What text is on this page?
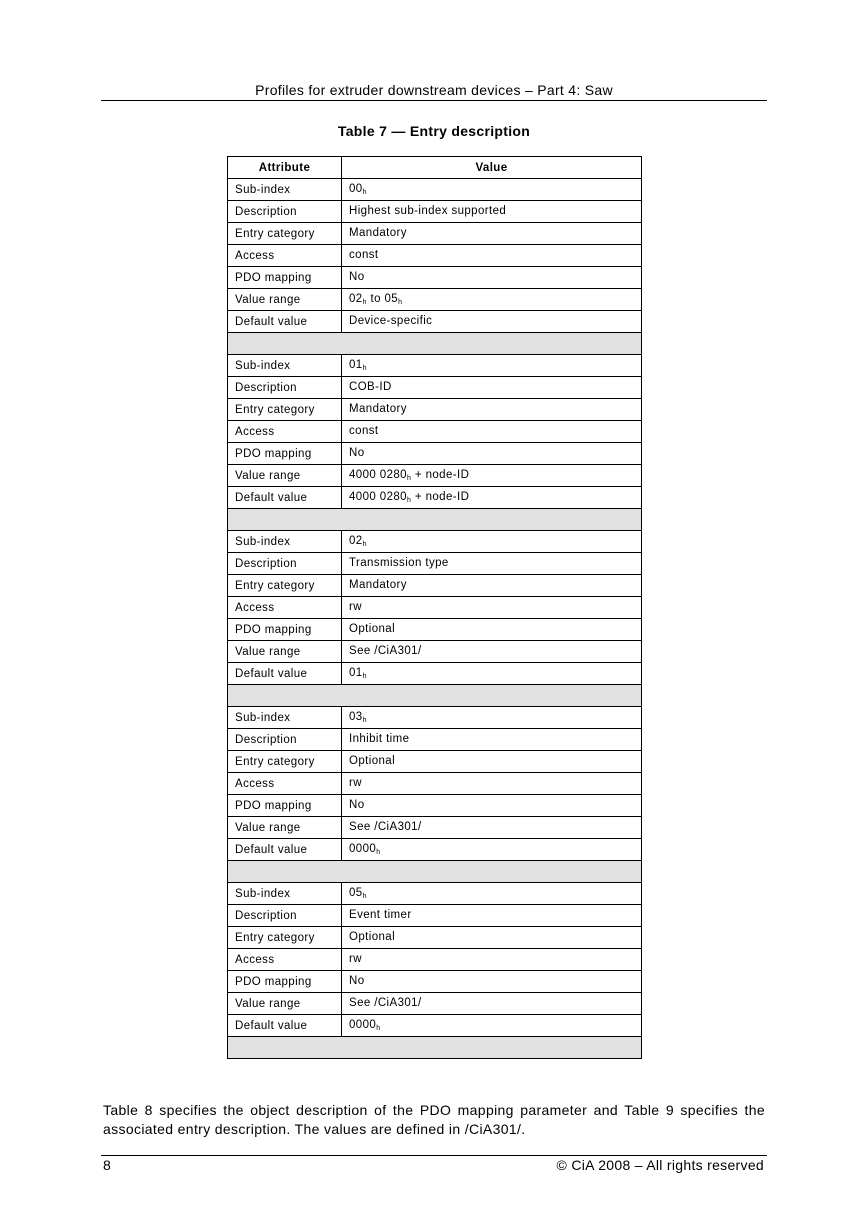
Profiles for extruder downstream devices – Part 4: Saw
Table 7 — Entry description
Attribute	Value
Sub-index	$00_h$
Description	Highest sub-index supported
Entry category	Mandatory
Access	const
PDO mapping	No
Value range	$02_h$ to $05_h$
Default value	Device-specific

Sub-index	$01_h$
Description	COB-ID
Entry category	Mandatory
Access	const
PDO mapping	No
Value range	4000 $0280_h$ + node-ID
Default value	4000 $0280_h$ + node-ID

Sub-index	$02_h$
Description	Transmission type
Entry category	Mandatory
Access	rw
PDO mapping	Optional
Value range	See /CiA301/
Default value	$01_h$

Sub-index	$03_h$
Description	Inhibit time
Entry category	Optional
Access	rw
PDO mapping	No
Value range	See /CiA301/
Default value	$0000_h$

Sub-index	$05_h$
Description	Event timer
Entry category	Optional
Access	rw
PDO mapping	No
Value range	See /CiA301/
Default value	$0000_h$

Table 8 specifies the object description of the PDO mapping parameter and Table 9 specifies the associated entry description. The values are defined in /CiA301/.
8	© CiA 2008 – All rights reserved
